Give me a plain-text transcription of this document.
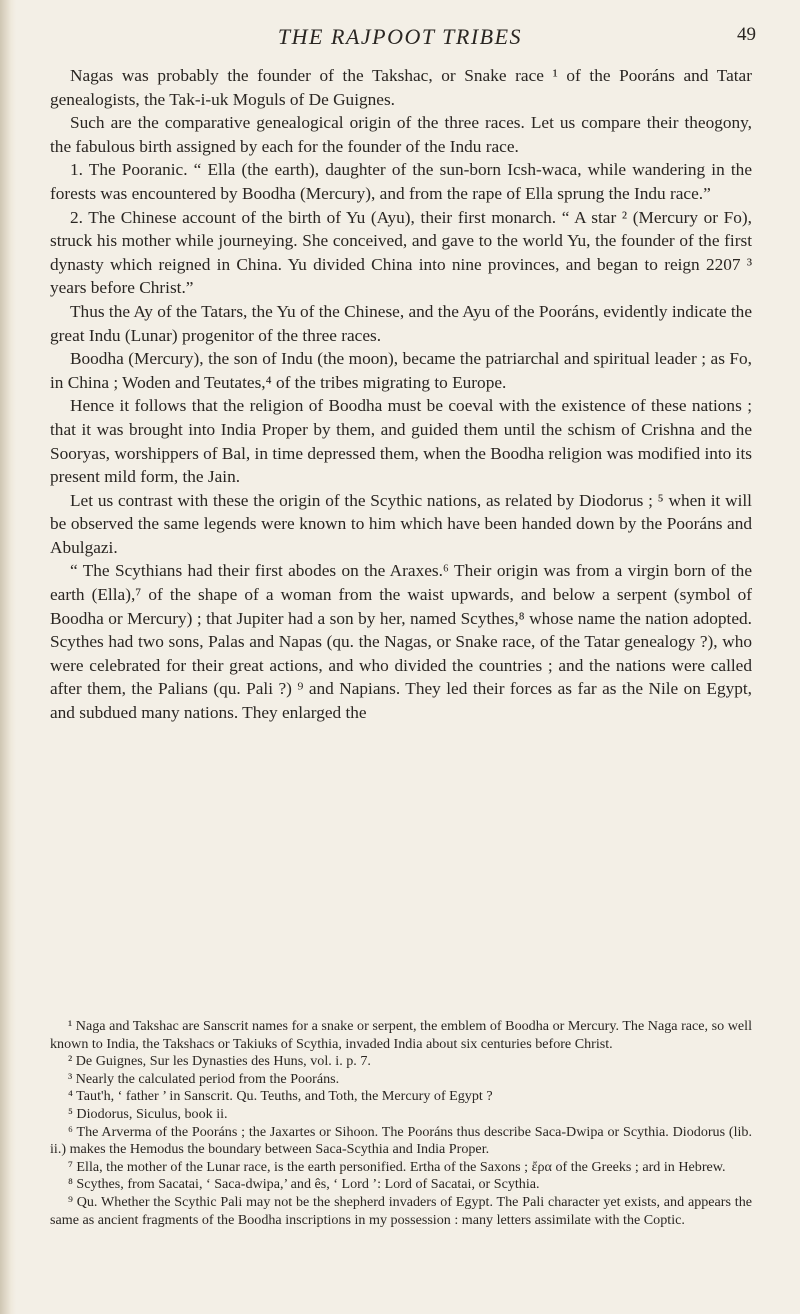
THE RAJPOOT TRIBES	49

Nagas was probably the founder of the Takshac, or Snake race ¹ of the Pooráns and Tatar genealogists, the Tak-i-uk Moguls of De Guignes.

Such are the comparative genealogical origin of the three races. Let us compare their theogony, the fabulous birth assigned by each for the founder of the Indu race.

1. The Pooranic. “ Ella (the earth), daughter of the sun-born Icsh-waca, while wandering in the forests was encountered by Boodha (Mercury), and from the rape of Ella sprung the Indu race.”

2. The Chinese account of the birth of Yu (Ayu), their first monarch. “ A star ² (Mercury or Fo), struck his mother while journeying. She conceived, and gave to the world Yu, the founder of the first dynasty which reigned in China. Yu divided China into nine provinces, and began to reign 2207 ³ years before Christ.”

Thus the Ay of the Tatars, the Yu of the Chinese, and the Ayu of the Pooráns, evidently indicate the great Indu (Lunar) progenitor of the three races.

Boodha (Mercury), the son of Indu (the moon), became the patriarchal and spiritual leader ; as Fo, in China ; Woden and Teutates,⁴ of the tribes migrating to Europe.

Hence it follows that the religion of Boodha must be coeval with the existence of these nations ; that it was brought into India Proper by them, and guided them until the schism of Crishna and the Sooryas, worshippers of Bal, in time depressed them, when the Boodha religion was modified into its present mild form, the Jain.

Let us contrast with these the origin of the Scythic nations, as related by Diodorus ; ⁵ when it will be observed the same legends were known to him which have been handed down by the Pooráns and Abulgazi.

“ The Scythians had their first abodes on the Araxes.⁶ Their origin was from a virgin born of the earth (Ella),⁷ of the shape of a woman from the waist upwards, and below a serpent (symbol of Boodha or Mercury) ; that Jupiter had a son by her, named Scythes,⁸ whose name the nation adopted. Scythes had two sons, Palas and Napas (qu. the Nagas, or Snake race, of the Tatar genealogy ?), who were celebrated for their great actions, and who divided the countries ; and the nations were called after them, the Palians (qu. Pali ?) ⁹ and Napians. They led their forces as far as the Nile on Egypt, and subdued many nations. They enlarged the

¹ Naga and Takshac are Sanscrit names for a snake or serpent, the emblem of Boodha or Mercury. The Naga race, so well known to India, the Takshacs or Takiuks of Scythia, invaded India about six centuries before Christ.

² De Guignes, Sur les Dynasties des Huns, vol. i. p. 7.

³ Nearly the calculated period from the Pooráns.

⁴ Taut'h, ‘ father ’ in Sanscrit. Qu. Teuths, and Toth, the Mercury of Egypt ?

⁵ Diodorus, Siculus, book ii.

⁶ The Arverma of the Pooráns ; the Jaxartes or Sihoon. The Pooráns thus describe Saca-Dwipa or Scythia. Diodorus (lib. ii.) makes the Hemodus the boundary between Saca-Scythia and India Proper.

⁷ Ella, the mother of the Lunar race, is the earth personified. Ertha of the Saxons ; ἔρα of the Greeks ; ard in Hebrew.

⁸ Scythes, from Sacatai, ‘ Saca-dwipa,’ and ês, ‘ Lord ’: Lord of Sacatai, or Scythia.

⁹ Qu. Whether the Scythic Pali may not be the shepherd invaders of Egypt. The Pali character yet exists, and appears the same as ancient fragments of the Boodha inscriptions in my possession : many letters assimilate with the Coptic.
